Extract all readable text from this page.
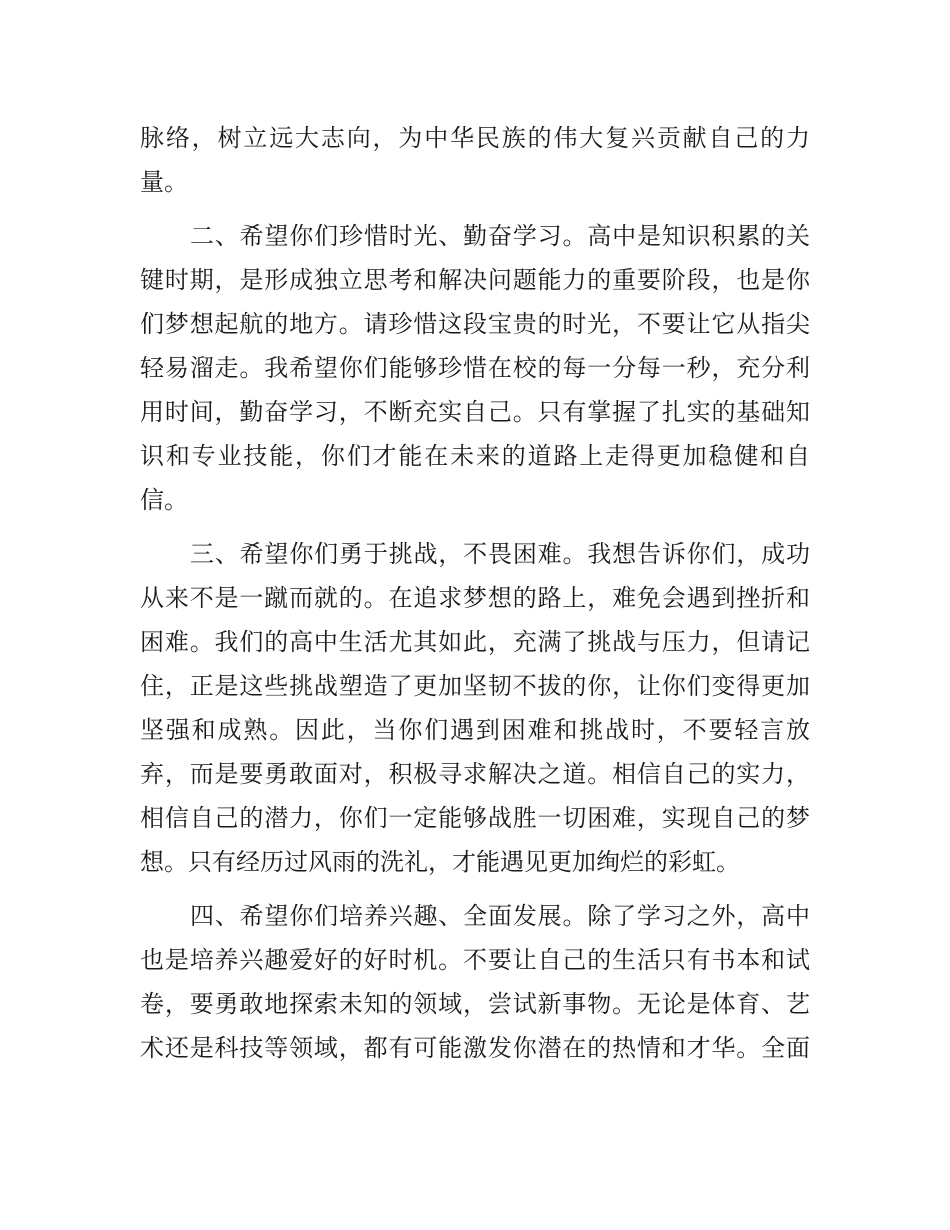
脉络，树立远大志向，为中华民族的伟大复兴贡献自己的力
量。
二、希望你们珍惜时光、勤奋学习。高中是知识积累的关
键时期，是形成独立思考和解决问题能力的重要阶段，也是你
们梦想起航的地方。请珍惜这段宝贵的时光，不要让它从指尖
轻易溜走。我希望你们能够珍惜在校的每一分每一秒，充分利
用时间，勤奋学习，不断充实自己。只有掌握了扎实的基础知
识和专业技能，你们才能在未来的道路上走得更加稳健和自
信。
三、希望你们勇于挑战，不畏困难。我想告诉你们，成功
从来不是一蹴而就的。在追求梦想的路上，难免会遇到挫折和
困难。我们的高中生活尤其如此，充满了挑战与压力，但请记
住，正是这些挑战塑造了更加坚韧不拔的你，让你们变得更加
坚强和成熟。因此，当你们遇到困难和挑战时，不要轻言放
弃，而是要勇敢面对，积极寻求解决之道。相信自己的实力，
相信自己的潜力，你们一定能够战胜一切困难，实现自己的梦
想。只有经历过风雨的洗礼，才能遇见更加绚烂的彩虹。
四、希望你们培养兴趣、全面发展。除了学习之外，高中
也是培养兴趣爱好的好时机。不要让自己的生活只有书本和试
卷，要勇敢地探索未知的领域，尝试新事物。无论是体育、艺
术还是科技等领域，都有可能激发你潜在的热情和才华。全面
